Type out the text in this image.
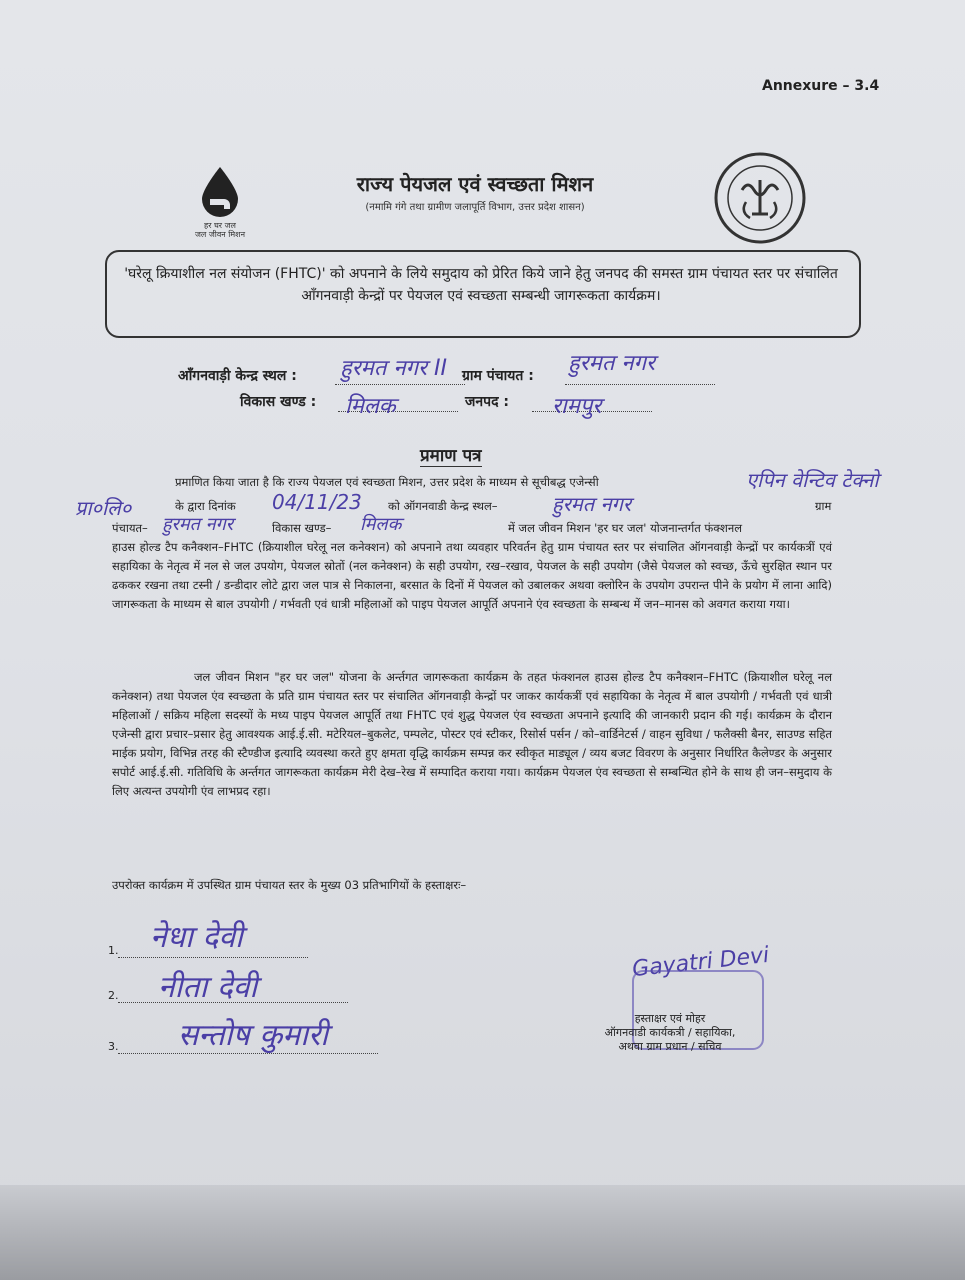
Annexure – 3.4
हर घर जल
जल जीवन मिशन
राज्य पेयजल एवं स्वच्छता मिशन
(नमामि गंगे तथा ग्रामीण जलापूर्ति विभाग, उत्तर प्रदेश शासन)
'घरेलू क्रियाशील नल संयोजन (FHTC)' को अपनाने के लिये समुदाय को प्रेरित किये जाने हेतु जनपद की समस्त ग्राम पंचायत स्तर पर संचालित आँगनवाड़ी केन्द्रों पर पेयजल एवं स्वच्छता सम्बन्धी जागरूकता कार्यक्रम।
आँगनवाड़ी केन्द्र स्थल : हुरमत नगर II ग्राम पंचायत : हुरमत नगर
विकास खण्ड : मिलक	जनपद : रामपुर
प्रमाण पत्र
प्रमाणित किया जाता है कि राज्य पेयजल एवं स्वच्छता मिशन, उत्तर प्रदेश के माध्यम से सूचीबद्ध एजेन्सी	एपिन वेन्टिव टेक्नो
प्रा०लि०	के द्वारा दिनांक 04/11/23 को ऑगनवाडी केन्द्र स्थल–	हुरमत नगर	ग्राम
पंचायत– हुरमत नगर	विकास खण्ड– मिलक	में जल जीवन मिशन 'हर घर जल' योजनान्तर्गत फंक्शनल
हाउस होल्ड टैप कनैक्शन–FHTC (क्रियाशील घरेलू नल कनेक्शन) को अपनाने तथा व्यवहार परिवर्तन हेतु ग्राम पंचायत स्तर पर संचालित ऑगनवाड़ी केन्द्रों पर कार्यकत्रीं एवं सहायिका के नेतृत्व में नल से जल उपयोग, पेयजल स्रोतों (नल कनेक्शन) के सही उपयोग, रख–रखाव, पेयजल के सही उपयोग (जैसे पेयजल को स्वच्छ, ऊँचे सुरक्षित स्थान पर ढककर रखना तथा टस्नी / डन्डीदार लोटे द्वारा जल पात्र से निकालना, बरसात के दिनों में पेयजल को उबालकर अथवा क्लोरिन के उपयोग उपरान्त पीने के प्रयोग में लाना आदि) जागरूकता के माध्यम से बाल उपयोगी / गर्भवती एवं धात्री महिलाओं को पाइप पेयजल आपूर्ति अपनाने एंव स्वच्छता के सम्बन्ध में जन–मानस को अवगत कराया गया।
जल जीवन मिशन "हर घर जल" योजना के अर्न्तगत जागरूकता कार्यक्रम के तहत फंक्शनल हाउस होल्ड टैप कनैक्शन–FHTC (क्रियाशील घरेलू नल कनेक्शन) तथा पेयजल एंव स्वच्छता के प्रति ग्राम पंचायत स्तर पर संचालित ऑगनवाड़ी केन्द्रों पर जाकर कार्यकत्रीं एवं सहायिका के नेतृत्व में बाल उपयोगी / गर्भवती एवं धात्री महिलाओं / सक्रिय महिला सदस्यों के मध्य पाइप पेयजल आपूर्ति तथा FHTC एवं शुद्ध पेयजल एंव स्वच्छता अपनाने इत्यादि की जानकारी प्रदान की गई। कार्यक्रम के दौरान एजेन्सी द्वारा प्रचार–प्रसार हेतु आवश्यक आई.ई.सी. मटेरियल–बुकलेट, पम्पलेट, पोस्टर एवं स्टीकर, रिसोर्स पर्सन / को–वार्डिनेटर्स / वाहन सुविधा / फलैक्सी बैनर, साउण्ड सहित माईक प्रयोग, विभिन्न तरह की स्टैण्डीज इत्यादि व्यवस्था करते हुए क्षमता वृद्धि कार्यक्रम सम्पन्न कर स्वीकृत माड्यूल / व्यय बजट विवरण के अनुसार निर्धारित कैलेण्डर के अनुसार सपोर्ट आई.ई.सी. गतिविधि के अर्न्तगत जागरूकता कार्यक्रम मेरी देख–रेख में सम्पादित कराया गया। कार्यक्रम पेयजल एंव स्वच्छता से सम्बन्धित होने के साथ ही जन–समुदाय के लिए अत्यन्त उपयोगी एंव लाभप्रद रहा।
उपरोक्त कार्यक्रम में उपस्थित ग्राम पंचायत स्तर के मुख्य 03 प्रतिभागियों के हस्ताक्षरः–
1. नेधा देवी
2. नीता देवी
3. सन्तोष कुमारी
Gayatri Devi
हस्ताक्षर एवं मोहर
ऑगनवाडी कार्यकत्री / सहायिका,
अथवा ग्राम प्रधान / सचिव
